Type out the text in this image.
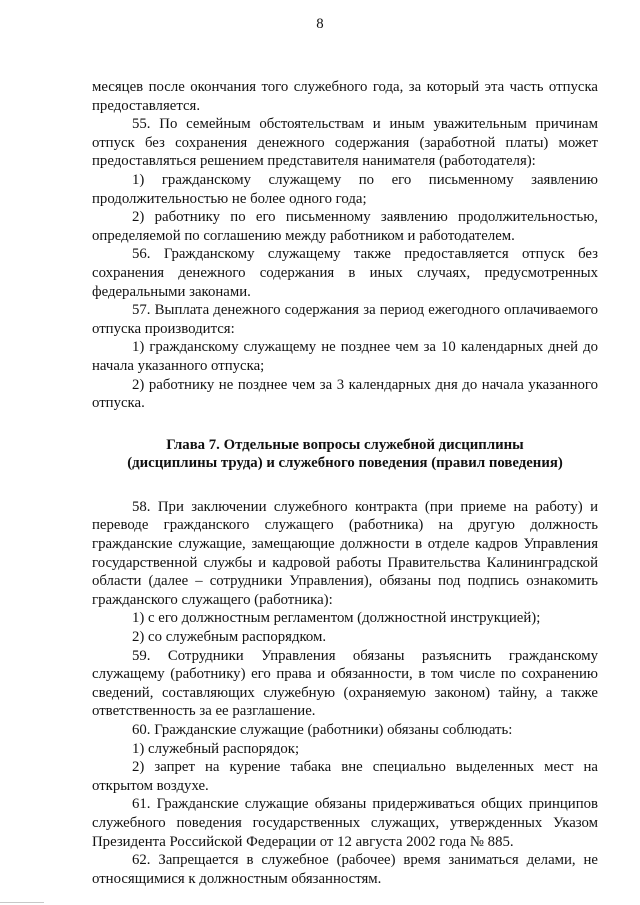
8

месяцев после окончания того служебного года, за который эта часть отпуска предоставляется.

55. По семейным обстоятельствам и иным уважительным причинам отпуск без сохранения денежного содержания (заработной платы) может предоставляться решением представителя нанимателя (работодателя):

1) гражданскому служащему по его письменному заявлению продолжительностью не более одного года;

2) работнику по его письменному заявлению продолжительностью, определяемой по соглашению между работником и работодателем.

56. Гражданскому служащему также предоставляется отпуск без сохранения денежного содержания в иных случаях, предусмотренных федеральными законами.

57. Выплата денежного содержания за период ежегодного оплачиваемого отпуска производится:

1) гражданскому служащему не позднее чем за 10 календарных дней до начала указанного отпуска;

2) работнику не позднее чем за 3 календарных дня до начала указанного отпуска.

Глава 7. Отдельные вопросы служебной дисциплины
(дисциплины труда) и служебного поведения (правил поведения)

58. При заключении служебного контракта (при приеме на работу) и переводе гражданского служащего (работника) на другую должность гражданские служащие, замещающие должности в отделе кадров Управления государственной службы и кадровой работы Правительства Калининградской области (далее – сотрудники Управления), обязаны под подпись ознакомить гражданского служащего (работника):

1) с его должностным регламентом (должностной инструкцией);

2) со служебным распорядком.

59. Сотрудники Управления обязаны разъяснить гражданскому служащему (работнику) его права и обязанности, в том числе по сохранению сведений, составляющих служебную (охраняемую законом) тайну, а также ответственность за ее разглашение.

60. Гражданские служащие (работники) обязаны соблюдать:

1) служебный распорядок;

2) запрет на курение табака вне специально выделенных мест на открытом воздухе.

61. Гражданские служащие обязаны придерживаться общих принципов служебного поведения государственных служащих, утвержденных Указом Президента Российской Федерации от 12 августа 2002 года № 885.

62. Запрещается в служебное (рабочее) время заниматься делами, не относящимися к должностным обязанностям.
